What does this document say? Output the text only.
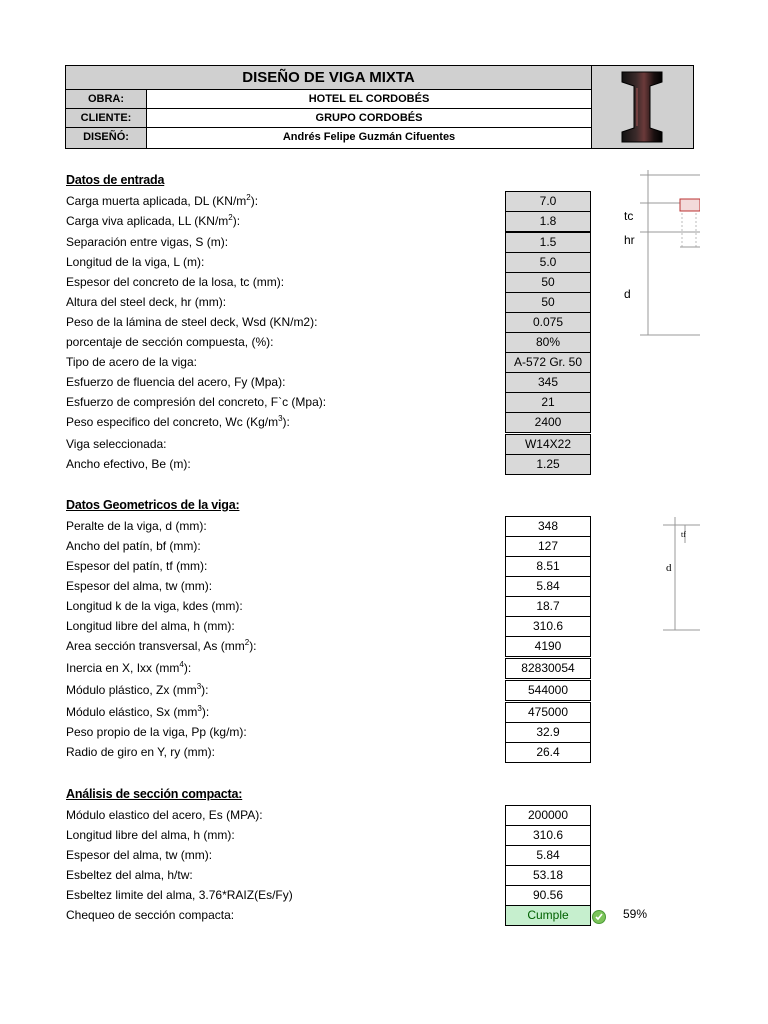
DISEÑO DE VIGA MIXTA
OBRA:	HOTEL EL CORDOBÉS
CLIENTE:	GRUPO CORDOBÉS
DISEÑÓ:	Andrés Felipe Guzmán Cifuentes
Datos de entrada
Carga muerta aplicada, DL $(KN/m^2)$:	7.0
Carga viva aplicada, LL $(KN/m^2)$:	1.8
Separación entre vigas, S (m):	1.5
Longitud de la viga, L (m):	5.0
Espesor del concreto de la losa, tc (mm):	50
Altura del steel deck, hr (mm):	50
Peso de la lámina de steel deck, Wsd (KN/m2):	0.075
porcentaje de sección compuesta, (%):	80%
Tipo de acero de la viga:	A-572 Gr. 50
Esfuerzo de fluencia del acero, Fy (Mpa):	345
Esfuerzo de compresión del concreto, F`c (Mpa):	21
Peso especifico del concreto, Wc $(Kg/m^3)$:	2400
Viga seleccionada:	W14X22
Ancho efectivo, Be (m):	1.25
Datos Geometricos de la viga:
Peralte de la viga, d (mm):	348
Ancho del patín, bf (mm):	127
Espesor del patín, tf (mm):	8.51
Espesor del alma, tw (mm):	5.84
Longitud k de la viga, kdes (mm):	18.7
Longitud libre del alma, h (mm):	310.6
Area sección transversal, As $(mm^2)$:	4190
Inercia en X, Ixx $(mm^4)$:	82830054
Módulo plástico, Zx $(mm^3)$:	544000
Módulo elástico, Sx $(mm^3)$:	475000
Peso propio de la viga, Pp (kg/m):	32.9
Radio de giro en Y, ry (mm):	26.4
Análisis de sección compacta:
Módulo elastico del acero, Es (MPA):	200000
Longitud libre del alma, h (mm):	310.6
Espesor del alma, tw (mm):	5.84
Esbeltez del alma, h/tw:	53.18
Esbeltez limite del alma, 3.76*RAIZ(Es/Fy)	90.56
Chequeo de sección compacta:	Cumple
tc
hr
d
d
tf
59%
